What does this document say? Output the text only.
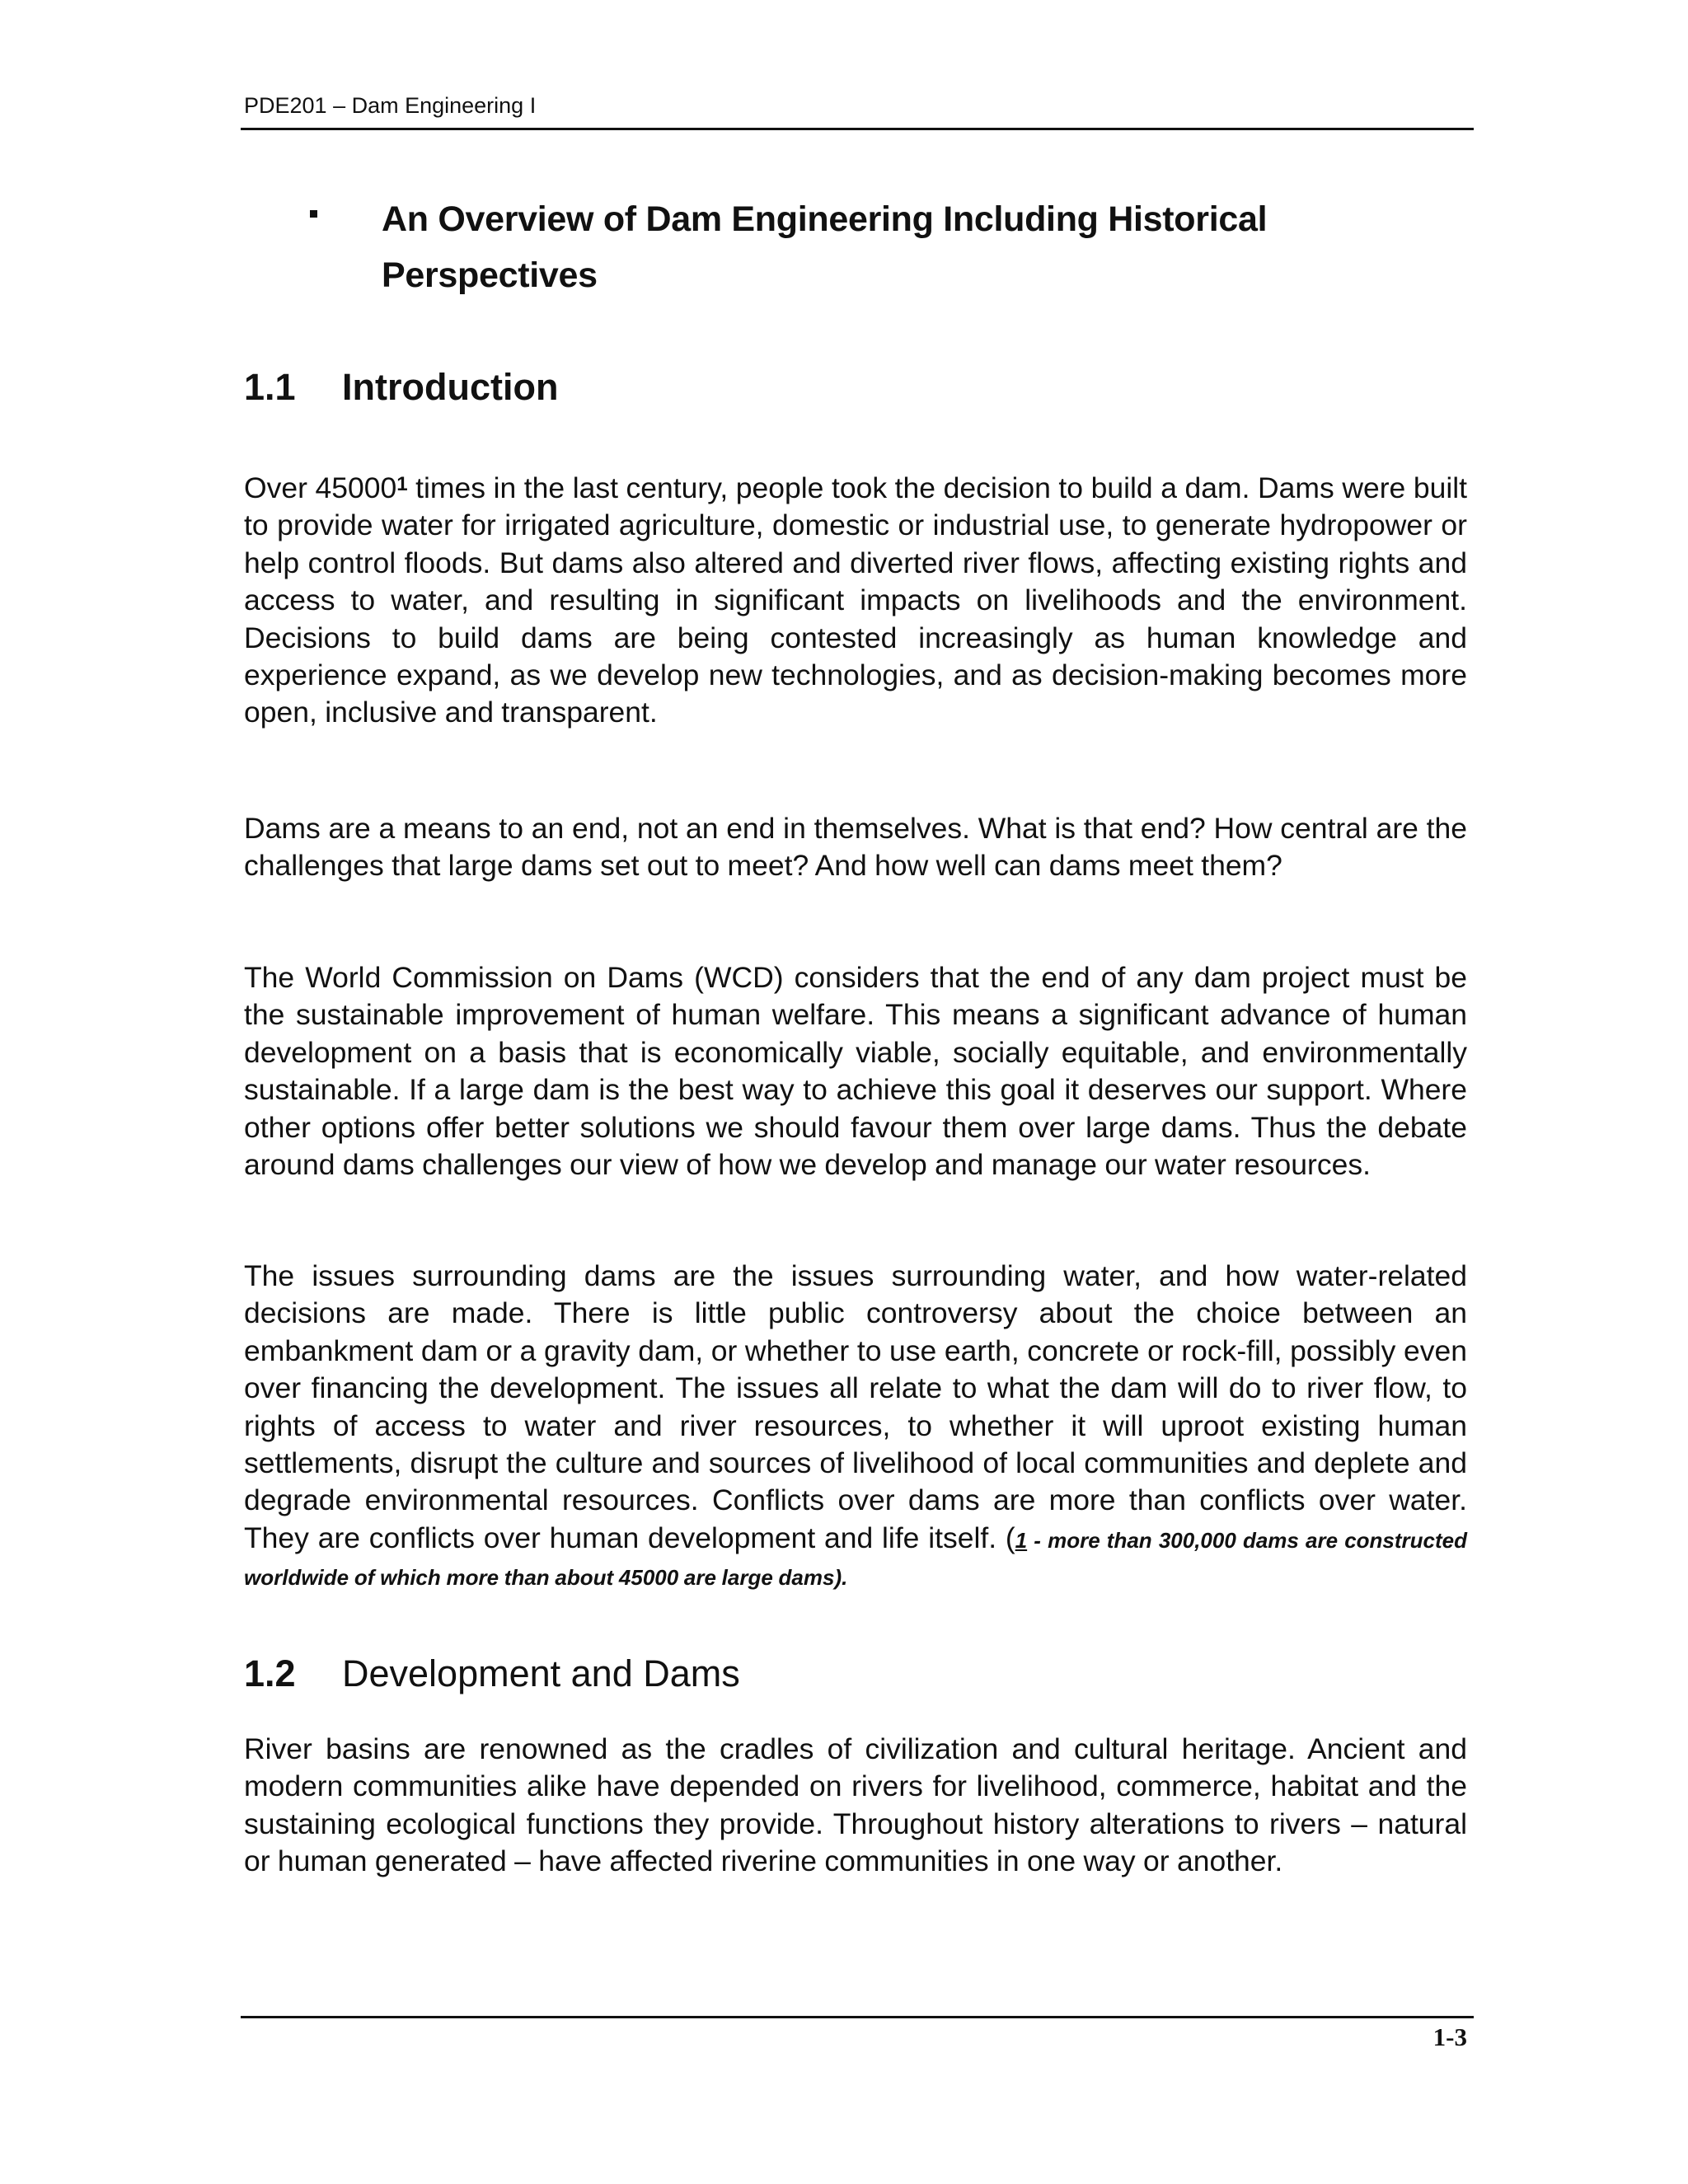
PDE201 – Dam Engineering I
An Overview of Dam Engineering Including Historical Perspectives
1.1 Introduction

Over 45000$^1$ times in the last century, people took the decision to build a dam. Dams were built to provide water for irrigated agriculture, domestic or industrial use, to generate hydropower or help control floods. But dams also altered and diverted river flows, affecting existing rights and access to water, and resulting in significant impacts on livelihoods and the environment. Decisions to build dams are being contested increasingly as human knowledge and experience expand, as we develop new technologies, and as decision-making becomes more open, inclusive and transparent.

Dams are a means to an end, not an end in themselves. What is that end? How central are the challenges that large dams set out to meet? And how well can dams meet them?

The World Commission on Dams (WCD) considers that the end of any dam project must be the sustainable improvement of human welfare. This means a significant advance of human development on a basis that is economically viable, socially equitable, and environmentally sustainable. If a large dam is the best way to achieve this goal it deserves our support. Where other options offer better solutions we should favour them over large dams. Thus the debate around dams challenges our view of how we develop and manage our water resources.

The issues surrounding dams are the issues surrounding water, and how water-related decisions are made. There is little public controversy about the choice between an embankment dam or a gravity dam, or whether to use earth, concrete or rock-fill, possibly even over financing the development. The issues all relate to what the dam will do to river flow, to rights of access to water and river resources, to whether it will uproot existing human settlements, disrupt the culture and sources of livelihood of local communities and deplete and degrade environmental resources. Conflicts over dams are more than conflicts over water. They are conflicts over human development and life itself. (1 - more than 300,000 dams are constructed worldwide of which more than about 45000 are large dams).

1.2 Development and Dams

River basins are renowned as the cradles of civilization and cultural heritage. Ancient and modern communities alike have depended on rivers for livelihood, commerce, habitat and the sustaining ecological functions they provide. Throughout history alterations to rivers – natural or human generated – have affected riverine communities in one way or another.

1-3
